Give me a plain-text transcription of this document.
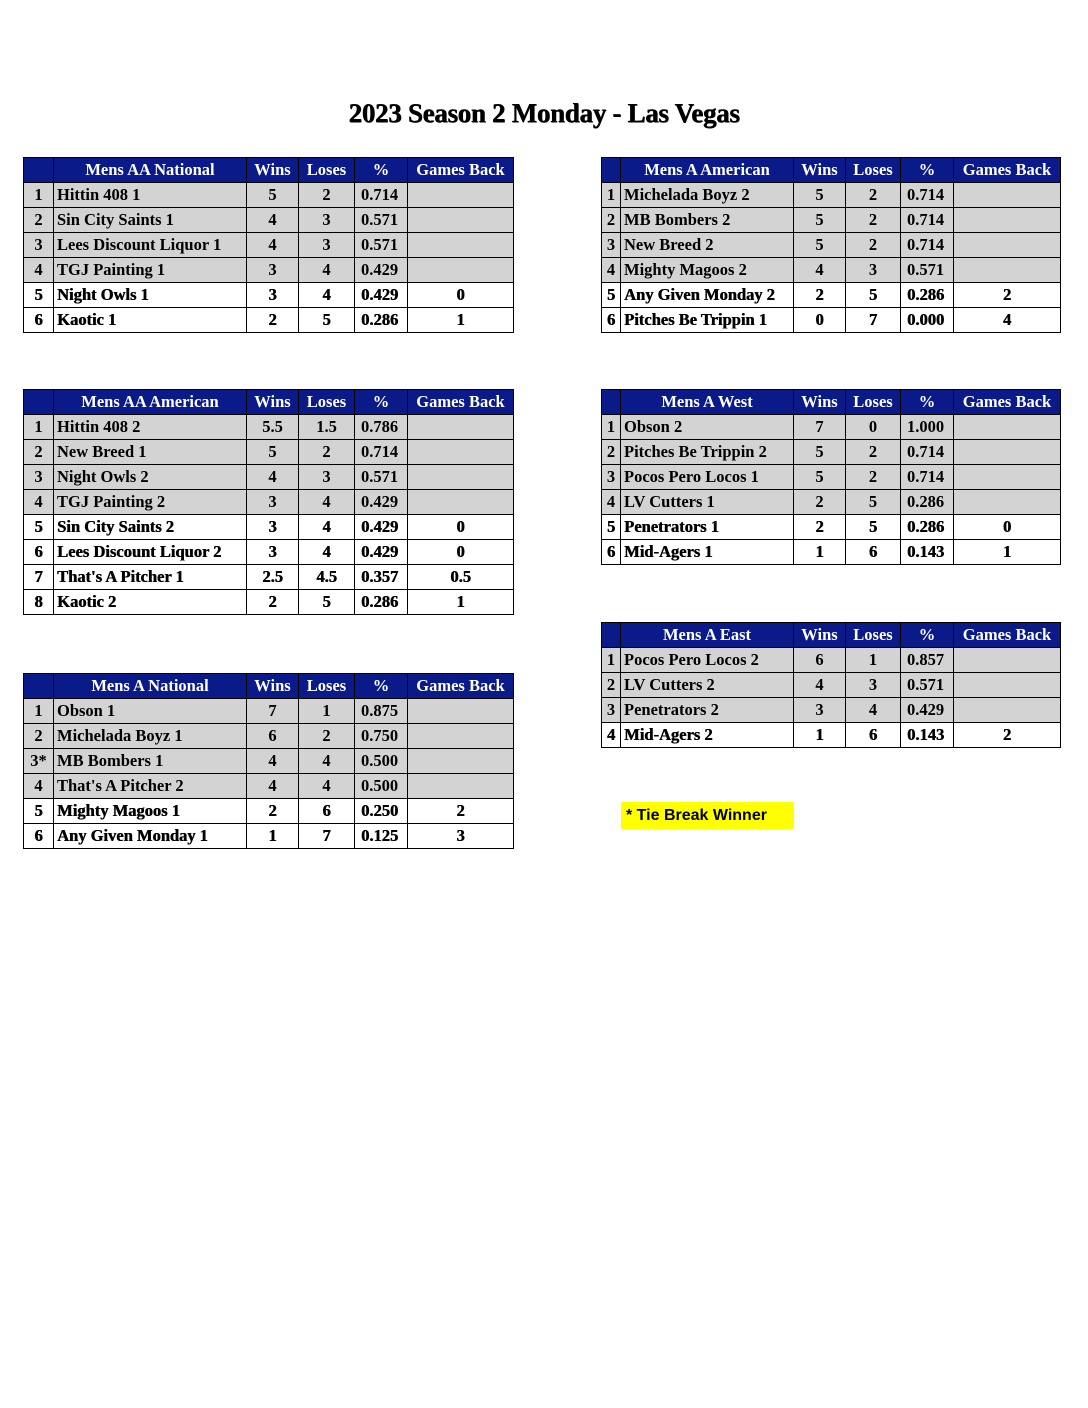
2023 Season 2 Monday - Las Vegas
	Mens AA National	Wins	Loses	%	Games Back
1	Hittin 408 1	5	2	0.714	
2	Sin City Saints 1	4	3	0.571	
3	Lees Discount Liquor 1	4	3	0.571	
4	TGJ Painting 1	3	4	0.429	
5	Night Owls 1	3	4	0.429	0
6	Kaotic 1	2	5	0.286	1
	Mens AA American	Wins	Loses	%	Games Back
1	Hittin 408 2	5.5	1.5	0.786	
2	New Breed 1	5	2	0.714	
3	Night Owls 2	4	3	0.571	
4	TGJ Painting 2	3	4	0.429	
5	Sin City Saints 2	3	4	0.429	0
6	Lees Discount Liquor 2	3	4	0.429	0
7	That's A Pitcher 1	2.5	4.5	0.357	0.5
8	Kaotic 2	2	5	0.286	1
	Mens A National	Wins	Loses	%	Games Back
1	Obson 1	7	1	0.875	
2	Michelada Boyz 1	6	2	0.750	
3*	MB Bombers 1	4	4	0.500	
4	That's A Pitcher 2	4	4	0.500	
5	Mighty Magoos 1	2	6	0.250	2
6	Any Given Monday 1	1	7	0.125	3
	Mens A American	Wins	Loses	%	Games Back
1	Michelada Boyz 2	5	2	0.714	
2	MB Bombers 2	5	2	0.714	
3	New Breed 2	5	2	0.714	
4	Mighty Magoos 2	4	3	0.571	
5	Any Given Monday 2	2	5	0.286	2
6	Pitches Be Trippin 1	0	7	0.000	4
	Mens A West	Wins	Loses	%	Games Back
1	Obson 2	7	0	1.000	
2	Pitches Be Trippin 2	5	2	0.714	
3	Pocos Pero Locos 1	5	2	0.714	
4	LV Cutters 1	2	5	0.286	
5	Penetrators 1	2	5	0.286	0
6	Mid-Agers 1	1	6	0.143	1
	Mens A East	Wins	Loses	%	Games Back
1	Pocos Pero Locos 2	6	1	0.857	
2	LV Cutters 2	4	3	0.571	
3	Penetrators 2	3	4	0.429	
4	Mid-Agers 2	1	6	0.143	2
* Tie Break Winner
